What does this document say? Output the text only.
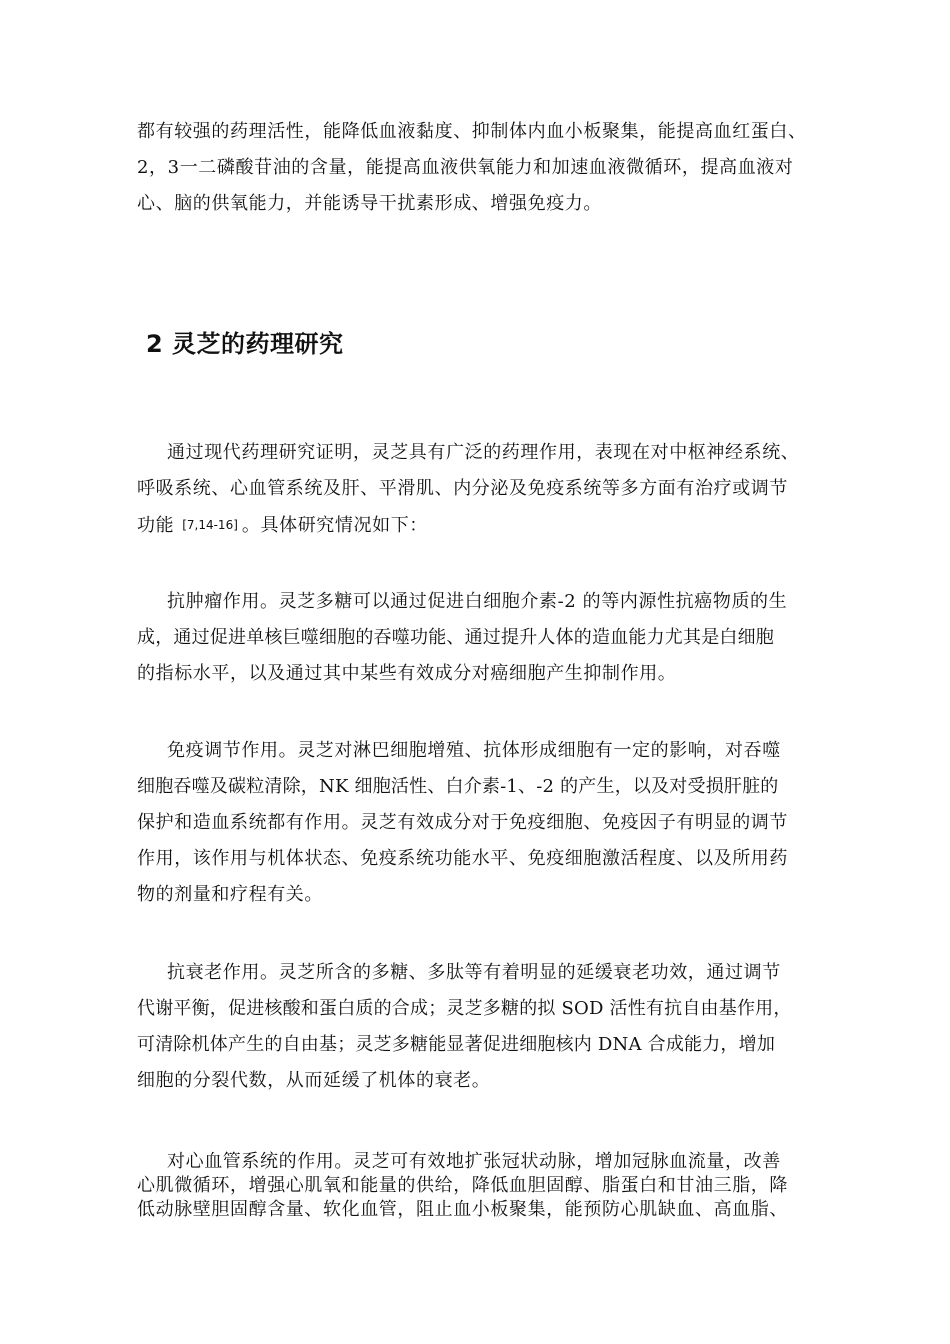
都有较强的药理活性，能降低血液黏度、抑制体内血小板聚集，能提高血红蛋白、
2，3一二磷酸苷油的含量，能提高血液供氧能力和加速血液微循环，提高血液对
心、脑的供氧能力，并能诱导干扰素形成、增强免疫力。
2 灵芝的药理研究
通过现代药理研究证明，灵芝具有广泛的药理作用，表现在对中枢神经系统、
呼吸系统、心血管系统及肝、平滑肌、内分泌及免疫系统等多方面有治疗或调节
功能 [7,14-16] 。具体研究情况如下：
抗肿瘤作用。灵芝多糖可以通过促进白细胞介素-2 的等内源性抗癌物质的生
成，通过促进单核巨噬细胞的吞噬功能、通过提升人体的造血能力尤其是白细胞
的指标水平，以及通过其中某些有效成分对癌细胞产生抑制作用。
免疫调节作用。灵芝对淋巴细胞增殖、抗体形成细胞有一定的影响，对吞噬
细胞吞噬及碳粒清除，NK 细胞活性、白介素-1、-2 的产生，以及对受损肝脏的
保护和造血系统都有作用。灵芝有效成分对于免疫细胞、免疫因子有明显的调节
作用，该作用与机体状态、免疫系统功能水平、免疫细胞激活程度、以及所用药
物的剂量和疗程有关。
抗衰老作用。灵芝所含的多糖、多肽等有着明显的延缓衰老功效，通过调节
代谢平衡，促进核酸和蛋白质的合成；灵芝多糖的拟 SOD 活性有抗自由基作用，
可清除机体产生的自由基；灵芝多糖能显著促进细胞核内 DNA 合成能力，增加
细胞的分裂代数，从而延缓了机体的衰老。
对心血管系统的作用。灵芝可有效地扩张冠状动脉，增加冠脉血流量，改善
心肌微循环，增强心肌氧和能量的供给，降低血胆固醇、脂蛋白和甘油三脂，降
低动脉壁胆固醇含量、软化血管，阻止血小板聚集，能预防心肌缺血、高血脂、
